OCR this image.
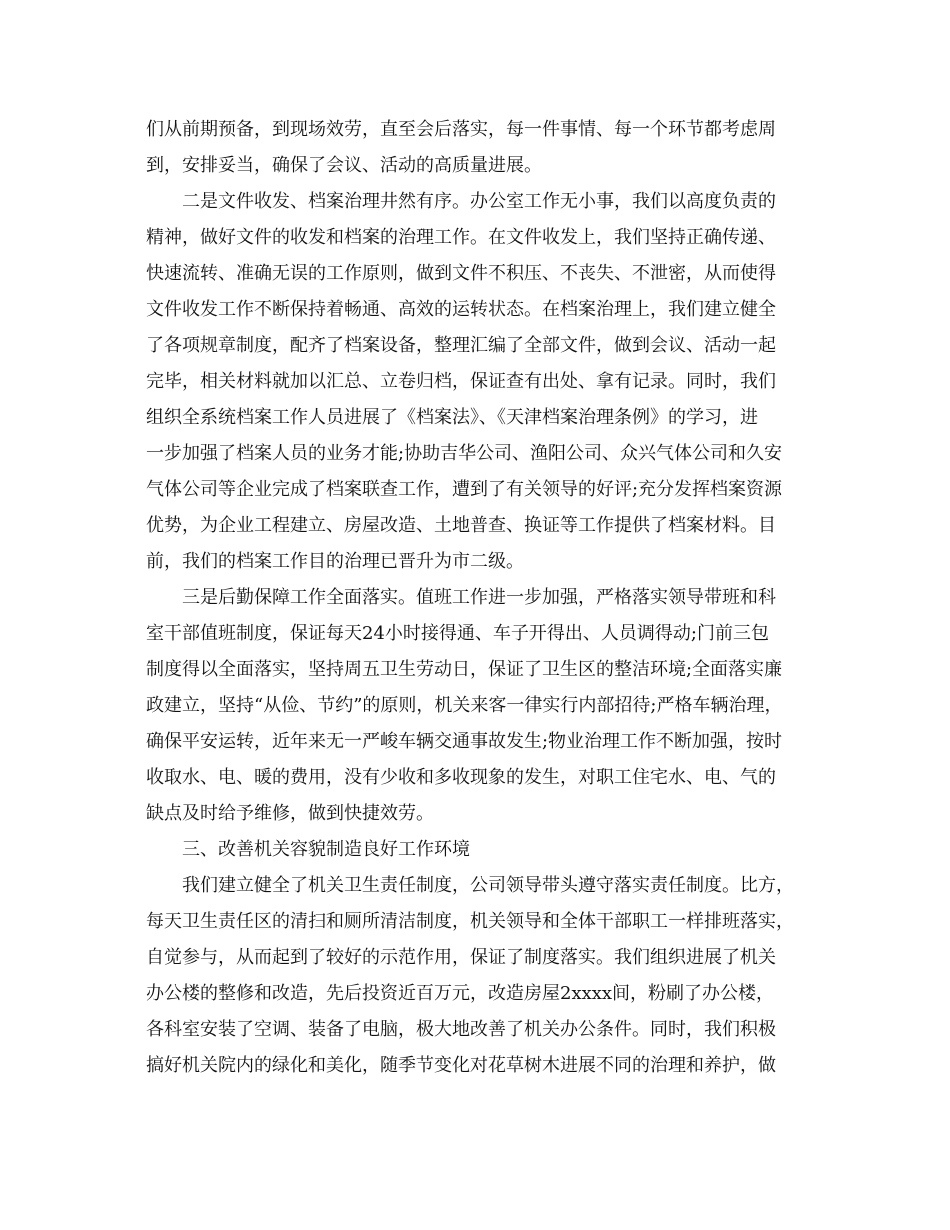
们从前期预备，到现场效劳，直至会后落实，每一件事情、每一个环节都考虑周
到，安排妥当，确保了会议、活动的高质量进展。
二是文件收发、档案治理井然有序。办公室工作无小事，我们以高度负责的
精神，做好文件的收发和档案的治理工作。在文件收发上，我们坚持正确传递、
快速流转、准确无误的工作原则，做到文件不积压、不丧失、不泄密，从而使得
文件收发工作不断保持着畅通、高效的运转状态。在档案治理上，我们建立健全
了各项规章制度，配齐了档案设备，整理汇编了全部文件，做到会议、活动一起
完毕，相关材料就加以汇总、立卷归档，保证查有出处、拿有记录。同时，我们
组织全系统档案工作人员进展了《档案法》、《天津档案治理条例》的学习，进
一步加强了档案人员的业务才能;协助吉华公司、渔阳公司、众兴气体公司和久安
气体公司等企业完成了档案联查工作，遭到了有关领导的好评;充分发挥档案资源
优势，为企业工程建立、房屋改造、土地普查、换证等工作提供了档案材料。目
前，我们的档案工作目的治理已晋升为市二级。
三是后勤保障工作全面落实。值班工作进一步加强，严格落实领导带班和科
室干部值班制度，保证每天24小时接得通、车子开得出、人员调得动;门前三包
制度得以全面落实，坚持周五卫生劳动日，保证了卫生区的整洁环境;全面落实廉
政建立，坚持“从俭、节约”的原则，机关来客一律实行内部招待;严格车辆治理，
确保平安运转，近年来无一严峻车辆交通事故发生;物业治理工作不断加强，按时
收取水、电、暖的费用，没有少收和多收现象的发生，对职工住宅水、电、气的
缺点及时给予维修，做到快捷效劳。
三、改善机关容貌制造良好工作环境
我们建立健全了机关卫生责任制度，公司领导带头遵守落实责任制度。比方，
每天卫生责任区的清扫和厕所清洁制度，机关领导和全体干部职工一样排班落实，
自觉参与，从而起到了较好的示范作用，保证了制度落实。我们组织进展了机关
办公楼的整修和改造，先后投资近百万元，改造房屋2xxxx间，粉刷了办公楼，
各科室安装了空调、装备了电脑，极大地改善了机关办公条件。同时，我们积极
搞好机关院内的绿化和美化，随季节变化对花草树木进展不同的治理和养护，做
